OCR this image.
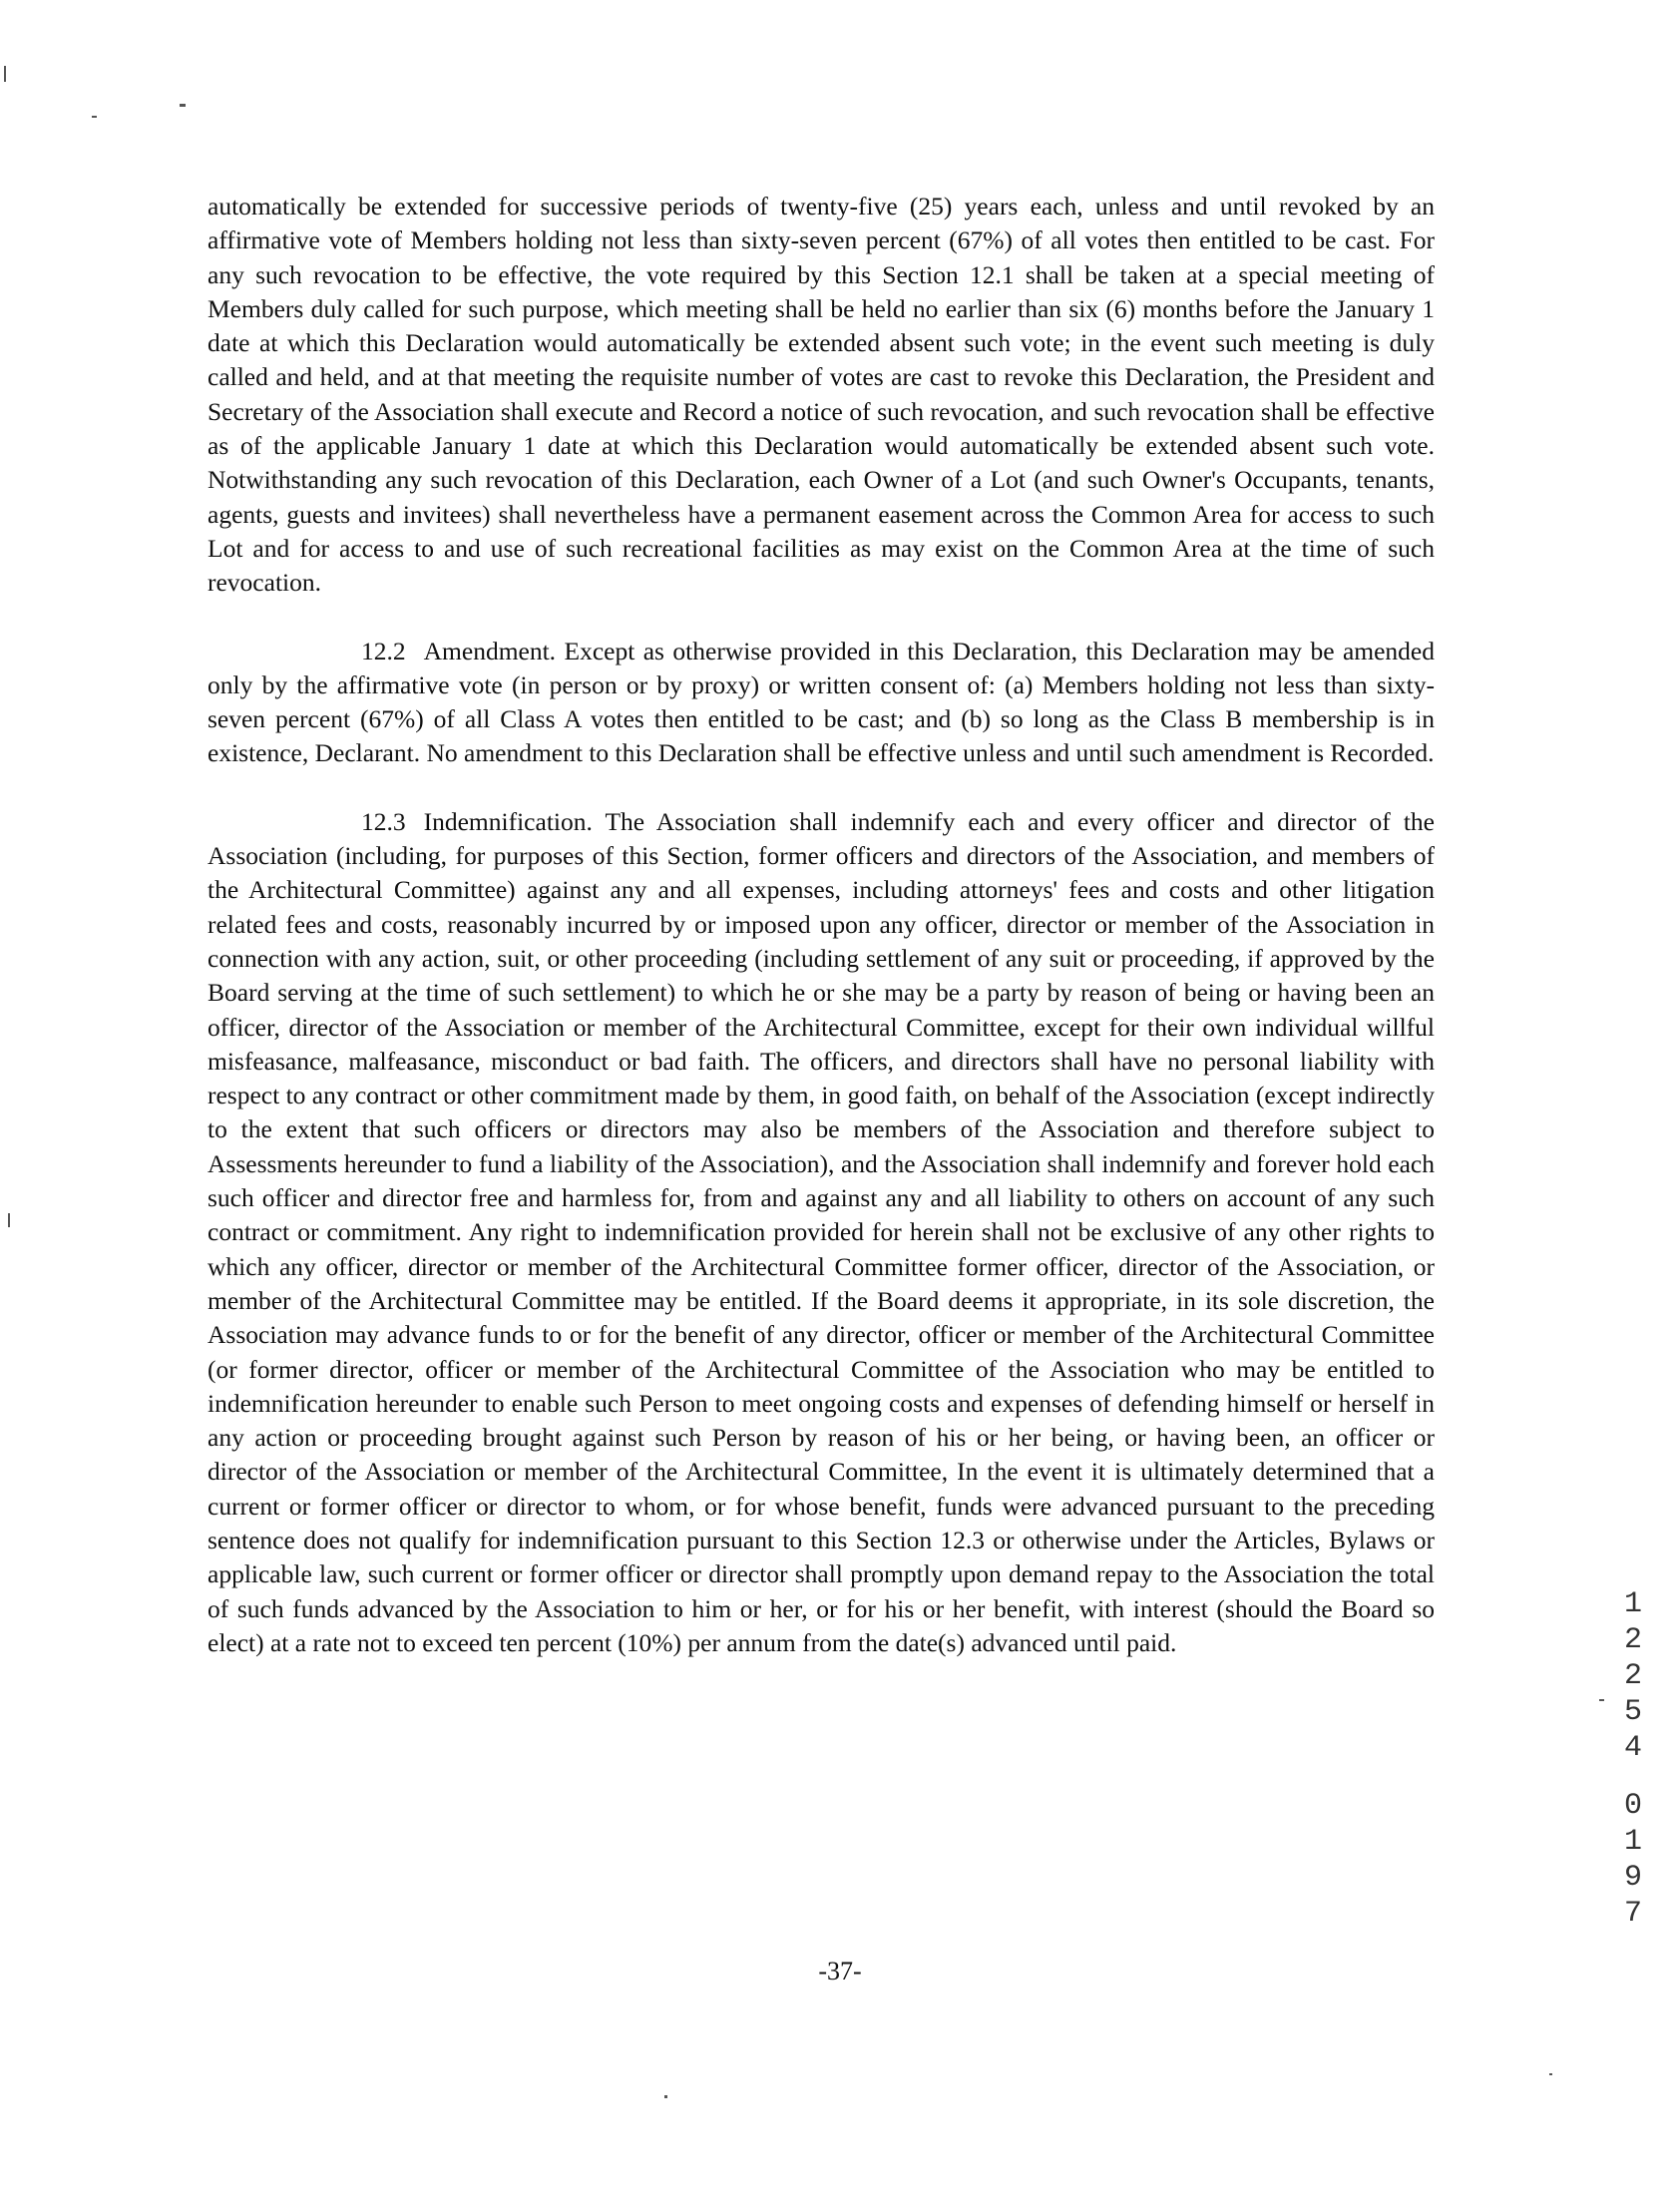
automatically be extended for successive periods of twenty-five (25) years each, unless and until revoked by an affirmative vote of Members holding not less than sixty-seven percent (67%) of all votes then entitled to be cast. For any such revocation to be effective, the vote required by this Section 12.1 shall be taken at a special meeting of Members duly called for such purpose, which meeting shall be held no earlier than six (6) months before the January 1 date at which this Declaration would automatically be extended absent such vote; in the event such meeting is duly called and held, and at that meeting the requisite number of votes are cast to revoke this Declaration, the President and Secretary of the Association shall execute and Record a notice of such revocation, and such revocation shall be effective as of the applicable January 1 date at which this Declaration would automatically be extended absent such vote. Notwithstanding any such revocation of this Declaration, each Owner of a Lot (and such Owner's Occupants, tenants, agents, guests and invitees) shall nevertheless have a permanent easement across the Common Area for access to such Lot and for access to and use of such recreational facilities as may exist on the Common Area at the time of such revocation.

12.2 Amendment. Except as otherwise provided in this Declaration, this Declaration may be amended only by the affirmative vote (in person or by proxy) or written consent of: (a) Members holding not less than sixty-seven percent (67%) of all Class A votes then entitled to be cast; and (b) so long as the Class B membership is in existence, Declarant. No amendment to this Declaration shall be effective unless and until such amendment is Recorded.

12.3 Indemnification. The Association shall indemnify each and every officer and director of the Association (including, for purposes of this Section, former officers and directors of the Association, and members of the Architectural Committee) against any and all expenses, including attorneys' fees and costs and other litigation related fees and costs, reasonably incurred by or imposed upon any officer, director or member of the Association in connection with any action, suit, or other proceeding (including settlement of any suit or proceeding, if approved by the Board serving at the time of such settlement) to which he or she may be a party by reason of being or having been an officer, director of the Association or member of the Architectural Committee, except for their own individual willful misfeasance, malfeasance, misconduct or bad faith. The officers, and directors shall have no personal liability with respect to any contract or other commitment made by them, in good faith, on behalf of the Association (except indirectly to the extent that such officers or directors may also be members of the Association and therefore subject to Assessments hereunder to fund a liability of the Association), and the Association shall indemnify and forever hold each such officer and director free and harmless for, from and against any and all liability to others on account of any such contract or commitment. Any right to indemnification provided for herein shall not be exclusive of any other rights to which any officer, director or member of the Architectural Committee former officer, director of the Association, or member of the Architectural Committee may be entitled. If the Board deems it appropriate, in its sole discretion, the Association may advance funds to or for the benefit of any director, officer or member of the Architectural Committee (or former director, officer or member of the Architectural Committee of the Association who may be entitled to indemnification hereunder to enable such Person to meet ongoing costs and expenses of defending himself or herself in any action or proceeding brought against such Person by reason of his or her being, or having been, an officer or director of the Association or member of the Architectural Committee, In the event it is ultimately determined that a current or former officer or director to whom, or for whose benefit, funds were advanced pursuant to the preceding sentence does not qualify for indemnification pursuant to this Section 12.3 or otherwise under the Articles, Bylaws or applicable law, such current or former officer or director shall promptly upon demand repay to the Association the total of such funds advanced by the Association to him or her, or for his or her benefit, with interest (should the Board so elect) at a rate not to exceed ten percent (10%) per annum from the date(s) advanced until paid.

-37-
1
2
2
5
4
0
1
9
7
